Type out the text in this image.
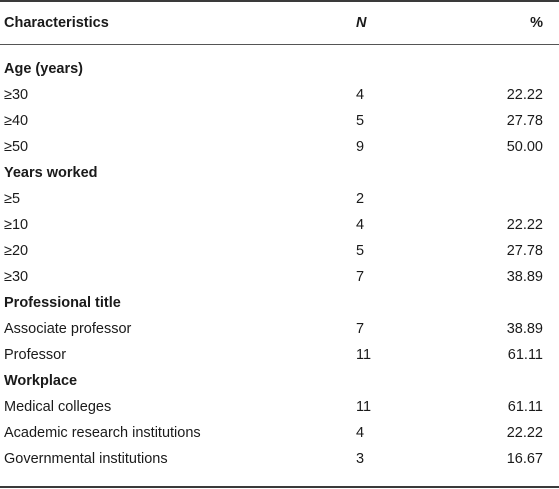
Characteristics	N	%
Age (years)
≥30	4	22.22
≥40	5	27.78
≥50	9	50.00
Years worked
≥5	2
≥10	4	22.22
≥20	5	27.78
≥30	7	38.89
Professional title
Associate professor	7	38.89
Professor	11	61.11
Workplace
Medical colleges	11	61.11
Academic research institutions	4	22.22
Governmental institutions	3	16.67
